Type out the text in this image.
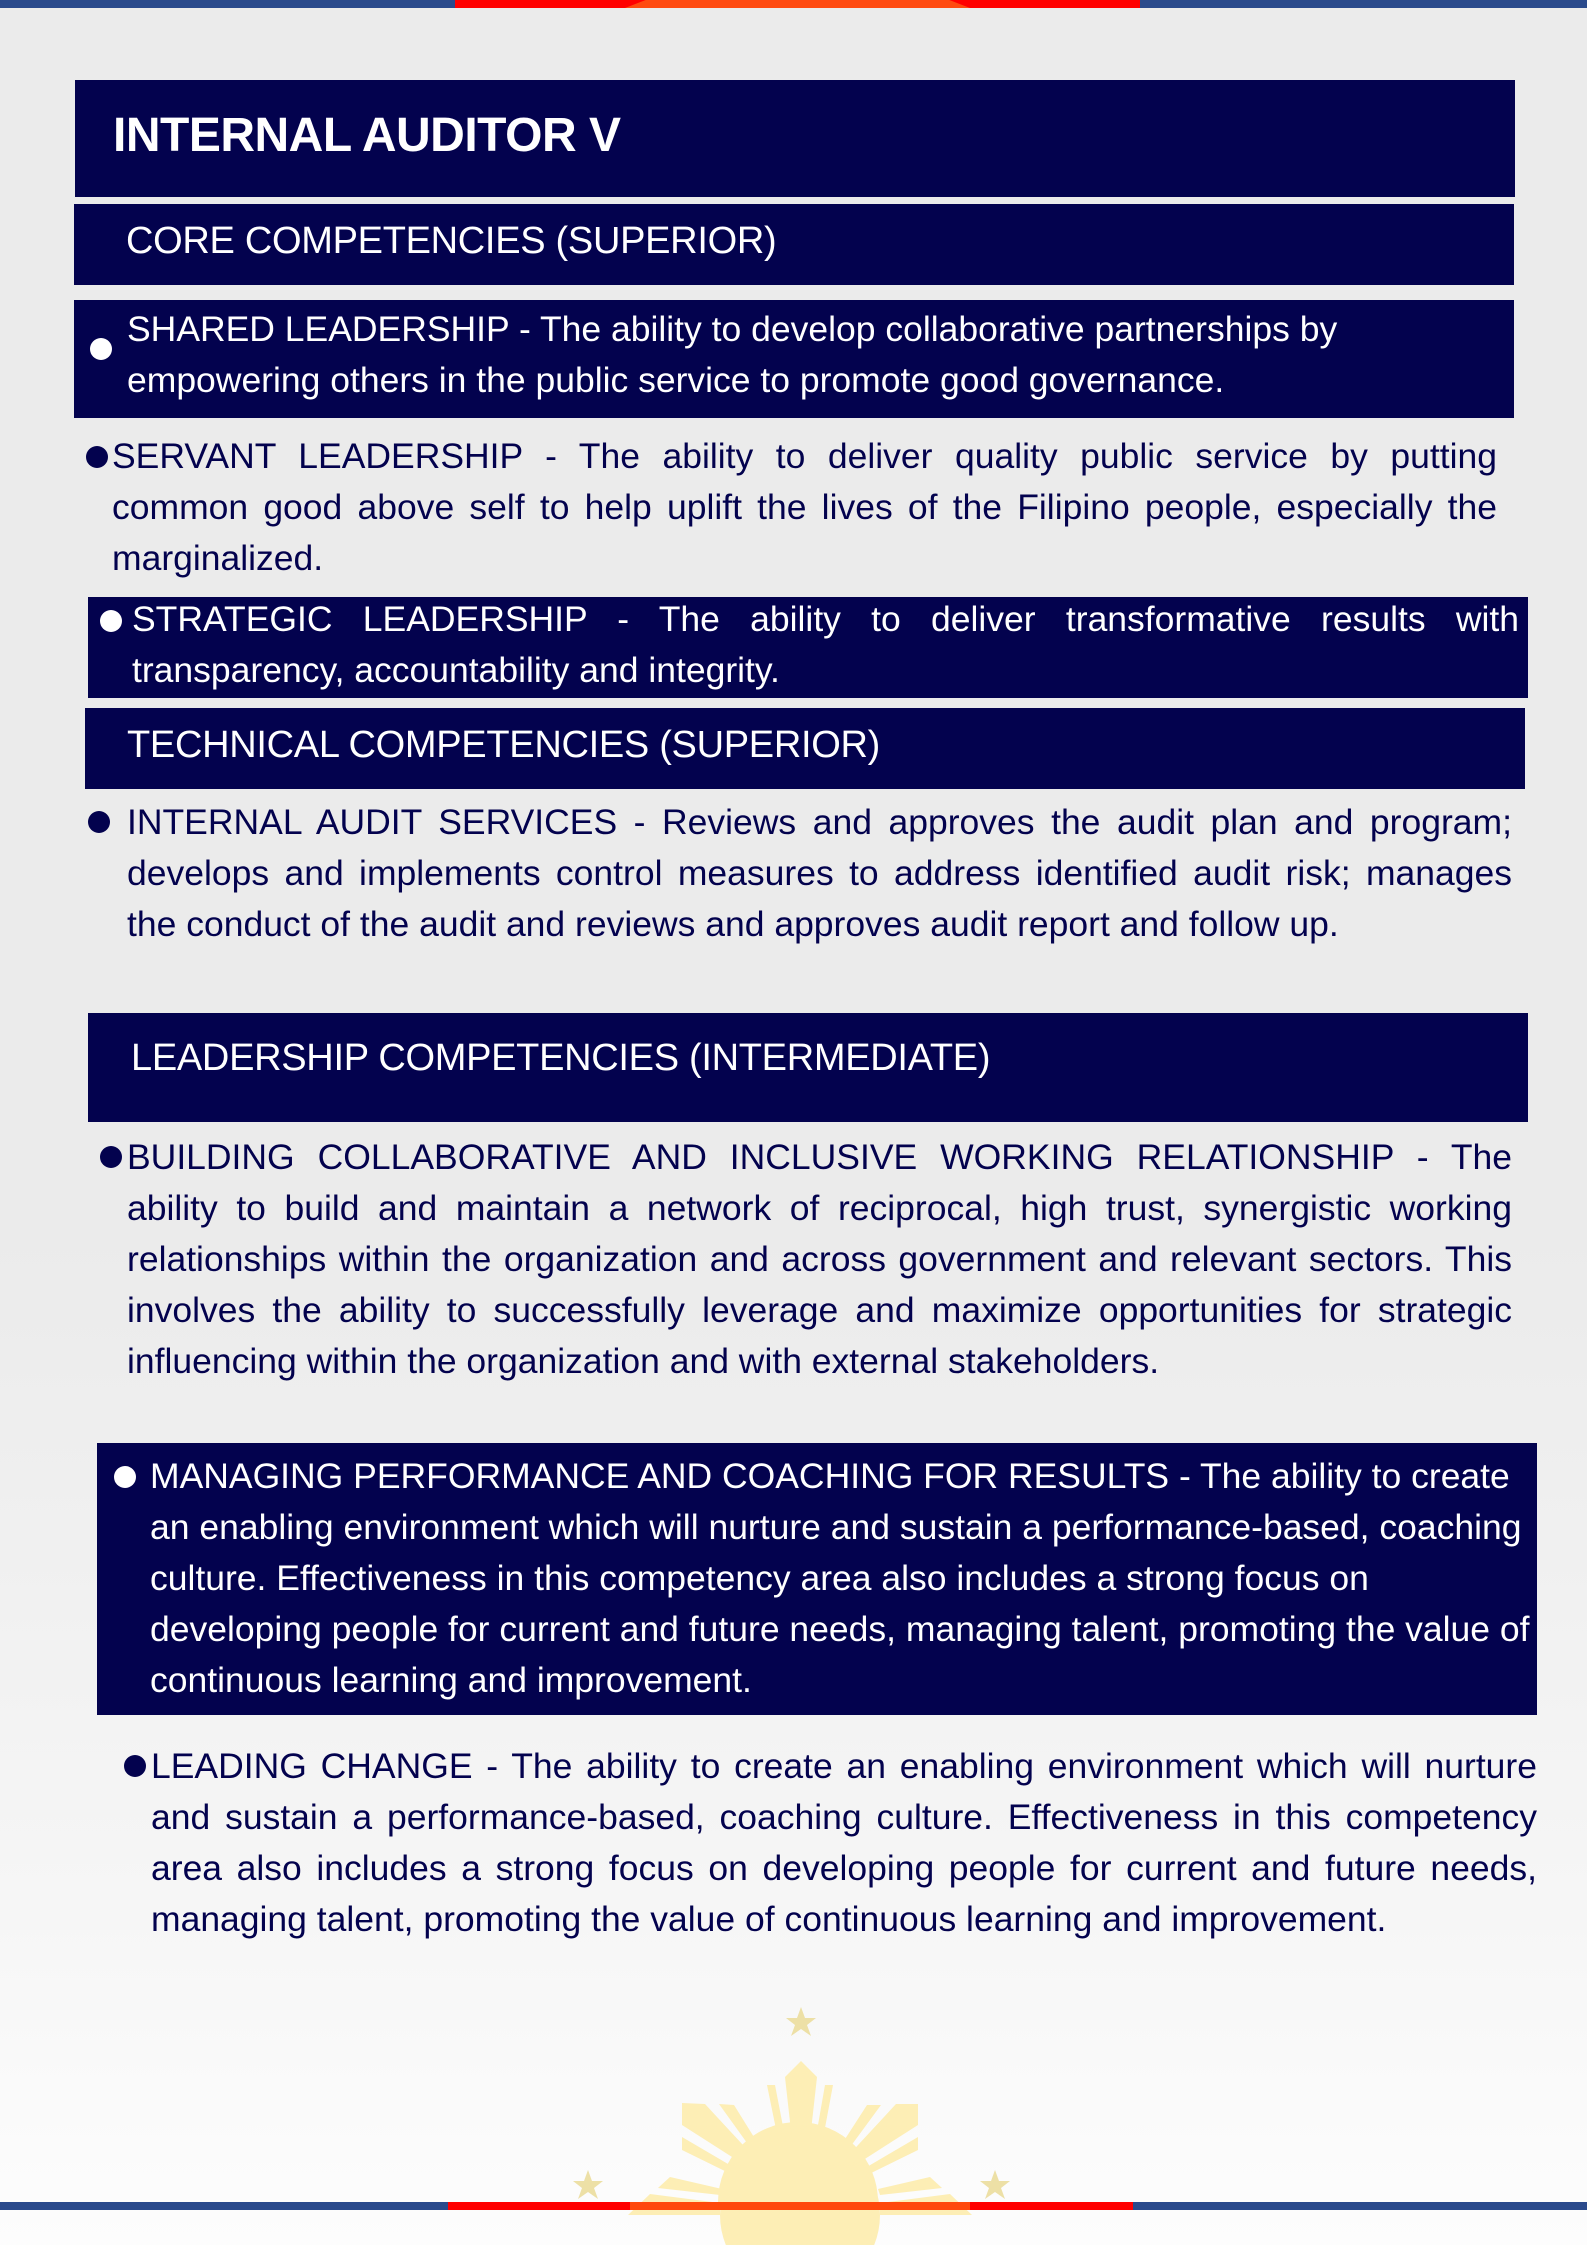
INTERNAL AUDITOR V
CORE COMPETENCIES (SUPERIOR)
SHARED LEADERSHIP - The ability to develop collaborative partnerships by empowering others in the public service to promote good governance.
SERVANT LEADERSHIP - The ability to deliver quality public service by putting common good above self to help uplift the lives of the Filipino people, especially the marginalized.
STRATEGIC LEADERSHIP - The ability to deliver transformative results with transparency, accountability and integrity.
TECHNICAL COMPETENCIES (SUPERIOR)
INTERNAL AUDIT SERVICES - Reviews and approves the audit plan and program; develops and implements control measures to address identified audit risk; manages the conduct of the audit and reviews and approves audit report and follow up.
LEADERSHIP COMPETENCIES (INTERMEDIATE)
BUILDING COLLABORATIVE AND INCLUSIVE WORKING RELATIONSHIP - The ability to build and maintain a network of reciprocal, high trust, synergistic working relationships within the organization and across government and relevant sectors. This involves the ability to successfully leverage and maximize opportunities for strategic influencing within the organization and with external stakeholders.
MANAGING PERFORMANCE AND COACHING FOR RESULTS - The ability to create an enabling environment which will nurture and sustain a performance-based, coaching culture. Effectiveness in this competency area also includes a strong focus on developing people for current and future needs, managing talent, promoting the value of continuous learning and improvement.
LEADING CHANGE - The ability to create an enabling environment which will nurture and sustain a performance-based, coaching culture. Effectiveness in this competency area also includes a strong focus on developing people for current and future needs, managing talent, promoting the value of continuous learning and improvement.
